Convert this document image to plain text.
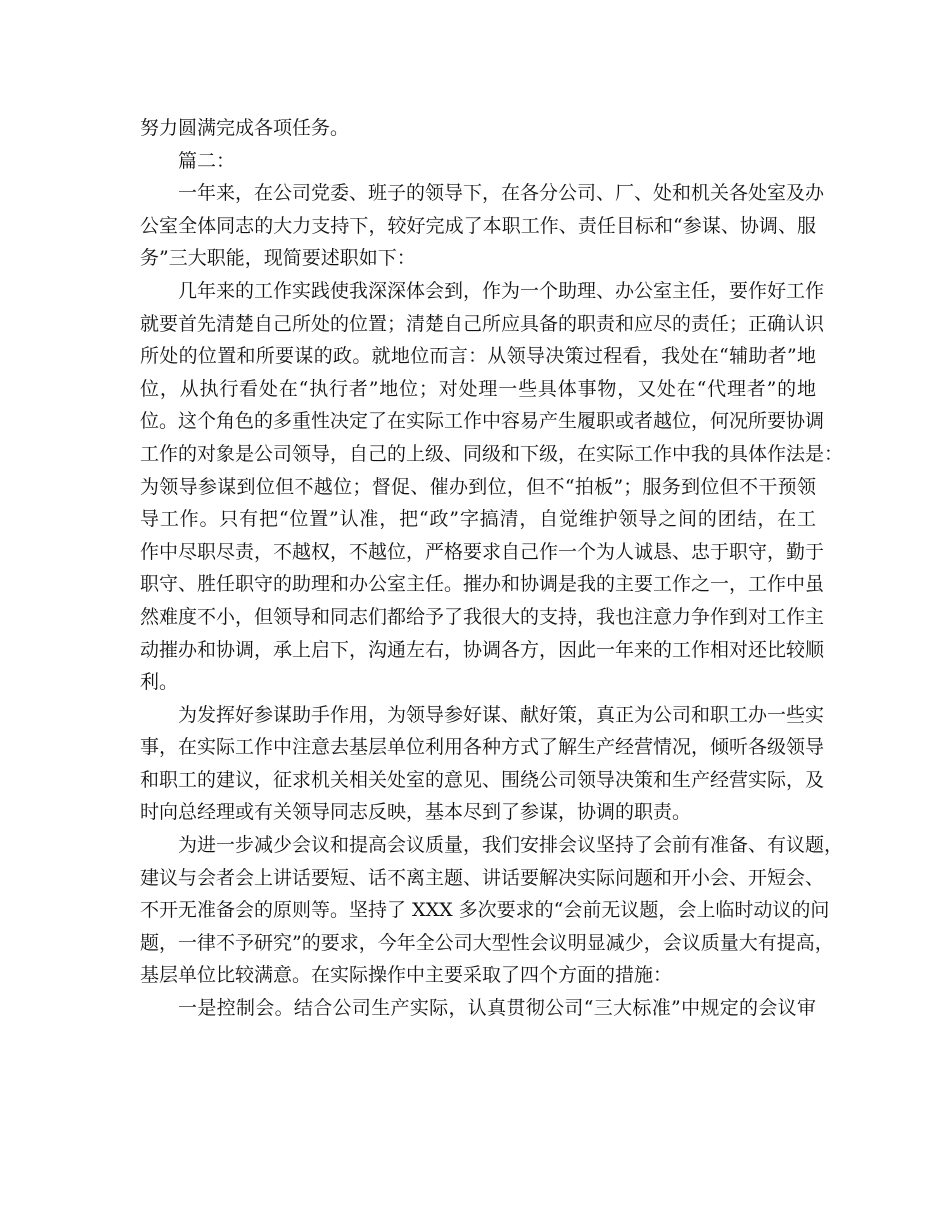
努力圆满完成各项任务。
篇二：
一年来，在公司党委、班子的领导下，在各分公司、厂、处和机关各处室及办
公室全体同志的大力支持下，较好完成了本职工作、责任目标和“参谋、协调、服
务”三大职能，现简要述职如下：
几年来的工作实践使我深深体会到，作为一个助理、办公室主任，要作好工作
就要首先清楚自己所处的位置；清楚自己所应具备的职责和应尽的责任；正确认识
所处的位置和所要谋的政。就地位而言：从领导决策过程看，我处在“辅助者”地
位，从执行看处在“执行者”地位；对处理一些具体事物，又处在“代理者”的地
位。这个角色的多重性决定了在实际工作中容易产生履职或者越位，何况所要协调
工作的对象是公司领导，自己的上级、同级和下级，在实际工作中我的具体作法是：
为领导参谋到位但不越位；督促、催办到位，但不“拍板”；服务到位但不干预领
导工作。只有把“位置”认准，把“政”字搞清，自觉维护领导之间的团结，在工
作中尽职尽责，不越权，不越位，严格要求自己作一个为人诚恳、忠于职守，勤于
职守、胜任职守的助理和办公室主任。摧办和协调是我的主要工作之一，工作中虽
然难度不小，但领导和同志们都给予了我很大的支持，我也注意力争作到对工作主
动摧办和协调，承上启下，沟通左右，协调各方，因此一年来的工作相对还比较顺
利。
为发挥好参谋助手作用，为领导参好谋、献好策，真正为公司和职工办一些实
事，在实际工作中注意去基层单位利用各种方式了解生产经营情况，倾听各级领导
和职工的建议，征求机关相关处室的意见、围绕公司领导决策和生产经营实际，及
时向总经理或有关领导同志反映，基本尽到了参谋，协调的职责。
为进一步减少会议和提高会议质量，我们安排会议坚持了会前有准备、有议题，
建议与会者会上讲话要短、话不离主题、讲话要解决实际问题和开小会、开短会、
不开无准备会的原则等。坚持了 XXX 多次要求的“会前无议题，会上临时动议的问
题，一律不予研究”的要求，今年全公司大型性会议明显减少，会议质量大有提高，
基层单位比较满意。在实际操作中主要采取了四个方面的措施：
一是控制会。结合公司生产实际，认真贯彻公司“三大标准”中规定的会议审
